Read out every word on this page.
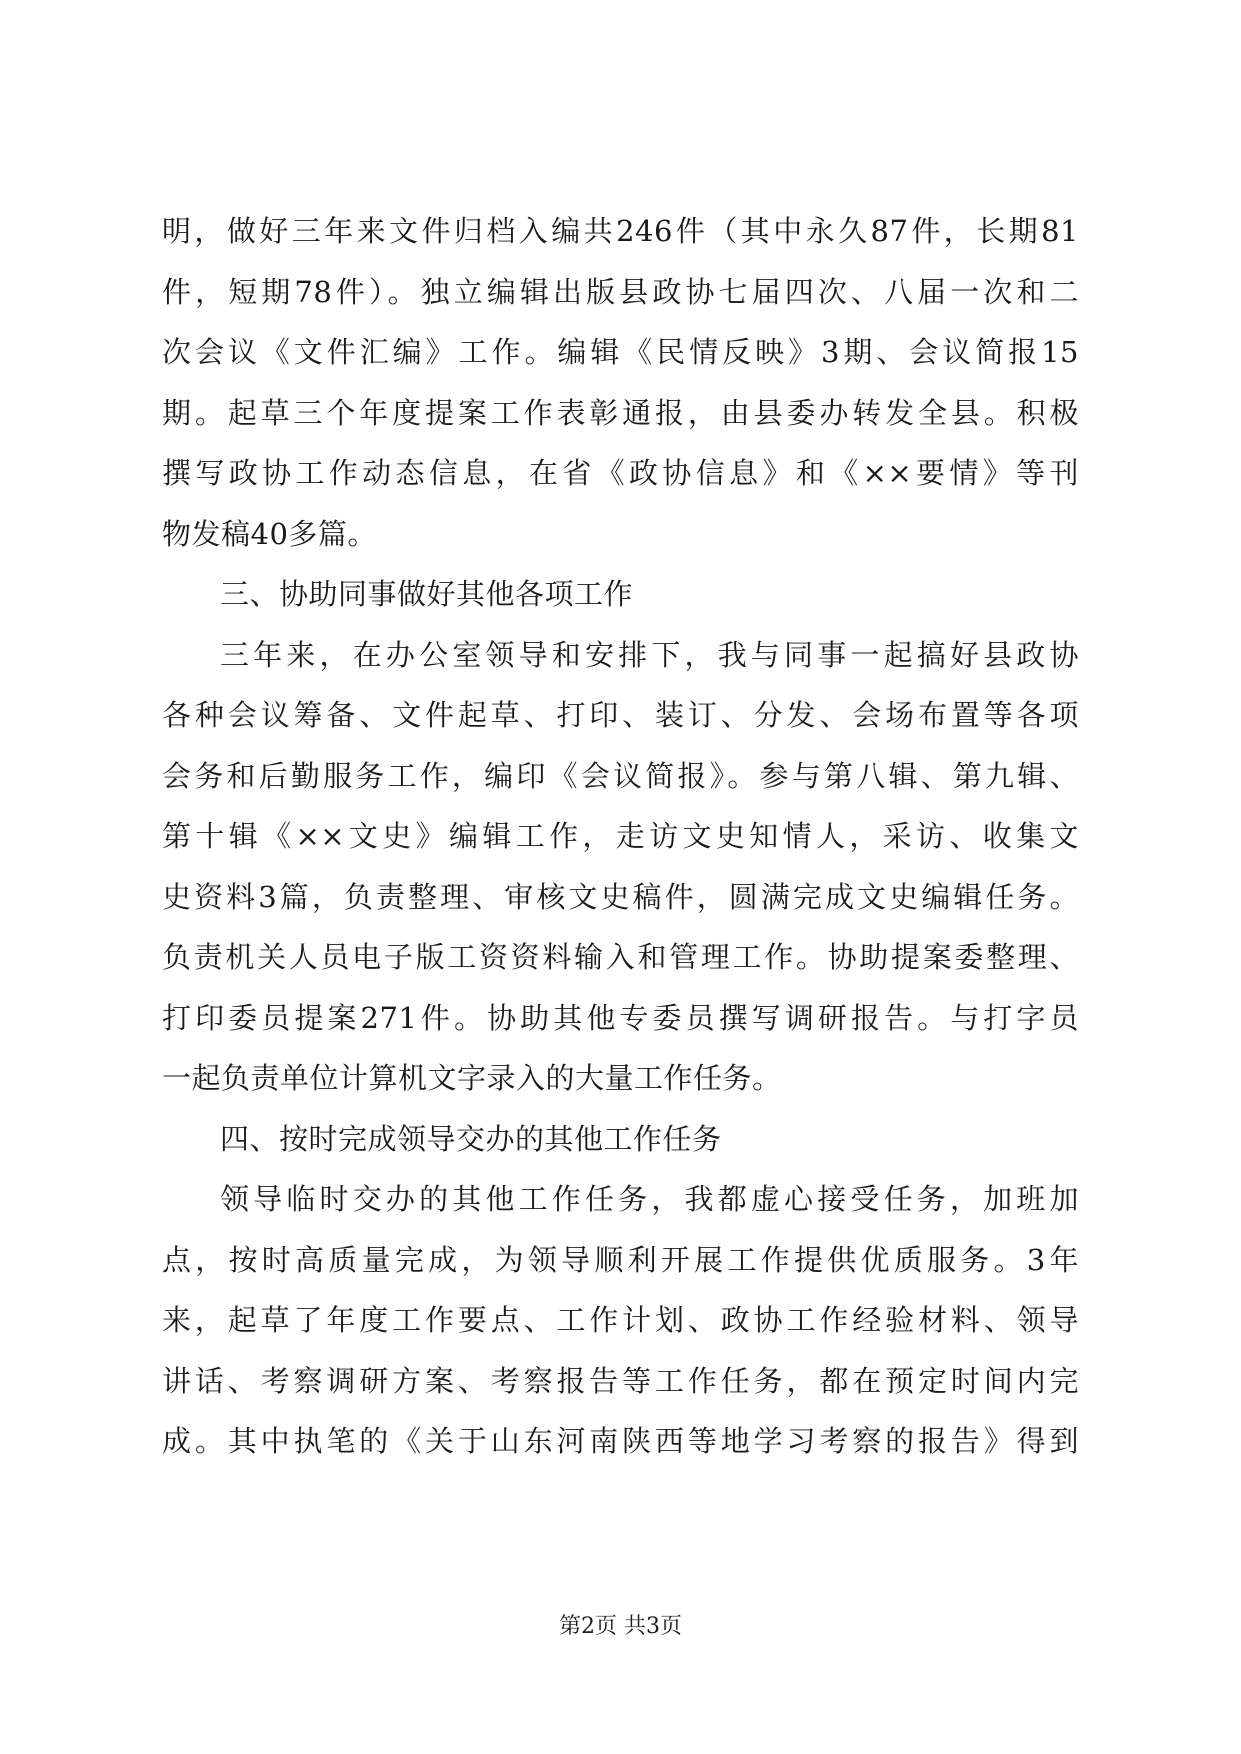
明，做好三年来文件归档入编共246件（其中永久87件，长期81
件，短期78件）。独立编辑出版县政协七届四次、八届一次和二
次会议《文件汇编》工作。编辑《民情反映》3期、会议简报15
期。起草三个年度提案工作表彰通报，由县委办转发全县。积极
撰写政协工作动态信息，在省《政协信息》和《××要情》等刊
物发稿40多篇。
三、协助同事做好其他各项工作
三年来，在办公室领导和安排下，我与同事一起搞好县政协
各种会议筹备、文件起草、打印、装订、分发、会场布置等各项
会务和后勤服务工作，编印《会议简报》。参与第八辑、第九辑、
第十辑《××文史》编辑工作，走访文史知情人，采访、收集文
史资料3篇，负责整理、审核文史稿件，圆满完成文史编辑任务。
负责机关人员电子版工资资料输入和管理工作。协助提案委整理、
打印委员提案271件。协助其他专委员撰写调研报告。与打字员
一起负责单位计算机文字录入的大量工作任务。
四、按时完成领导交办的其他工作任务
领导临时交办的其他工作任务，我都虚心接受任务，加班加
点，按时高质量完成，为领导顺利开展工作提供优质服务。3年
来，起草了年度工作要点、工作计划、政协工作经验材料、领导
讲话、考察调研方案、考察报告等工作任务，都在预定时间内完
成。其中执笔的《关于山东河南陕西等地学习考察的报告》得到
第2页 共3页
